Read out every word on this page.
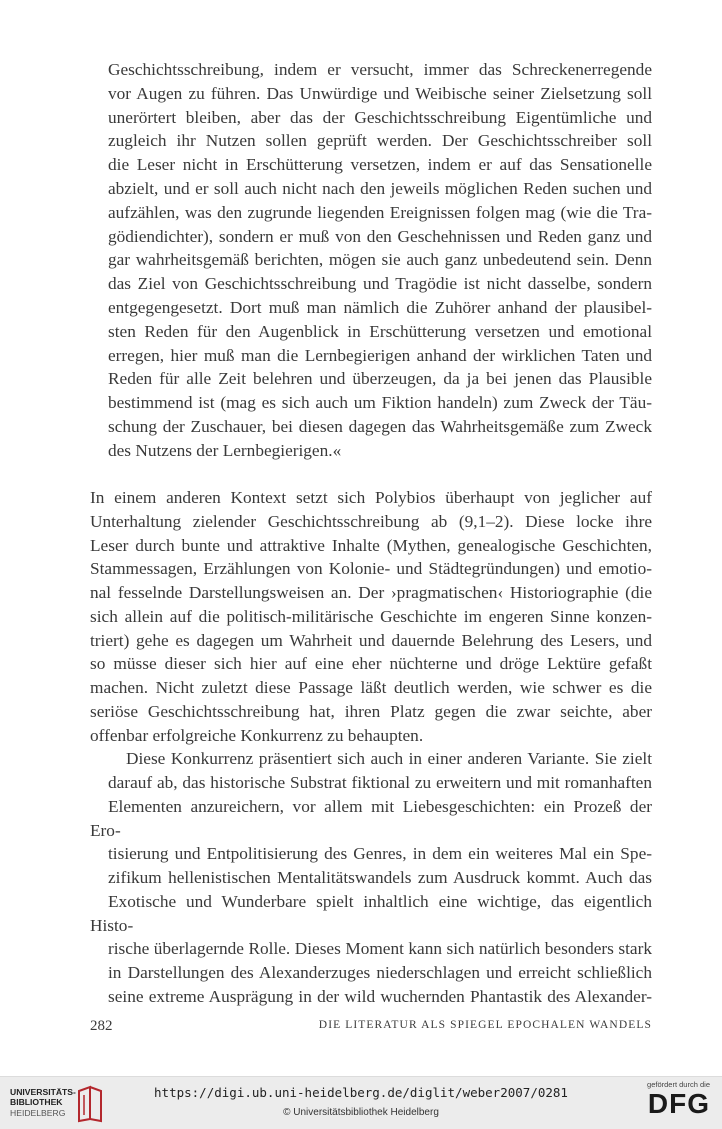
Geschichtsschreibung, indem er versucht, immer das Schreckenerregende
vor Augen zu führen. Das Unwürdige und Weibische seiner Zielsetzung soll
unerörtert bleiben, aber das der Geschichtsschreibung Eigentümliche und
zugleich ihr Nutzen sollen geprüft werden. Der Geschichtsschreiber soll
die Leser nicht in Erschütterung versetzen, indem er auf das Sensationelle
abzielt, und er soll auch nicht nach den jeweils möglichen Reden suchen und
aufzählen, was den zugrunde liegenden Ereignissen folgen mag (wie die Tra-
gödiendichter), sondern er muß von den Geschehnissen und Reden ganz und
gar wahrheitsgemäß berichten, mögen sie auch ganz unbedeutend sein. Denn
das Ziel von Geschichtsschreibung und Tragödie ist nicht dasselbe, sondern
entgegengesetzt. Dort muß man nämlich die Zuhörer anhand der plausibel-
sten Reden für den Augenblick in Erschütterung versetzen und emotional
erregen, hier muß man die Lernbegierigen anhand der wirklichen Taten und
Reden für alle Zeit belehren und überzeugen, da ja bei jenen das Plausible
bestimmend ist (mag es sich auch um Fiktion handeln) zum Zweck der Täu-
schung der Zuschauer, bei diesen dagegen das Wahrheitsgemäße zum Zweck
des Nutzens der Lernbegierigen.«

In einem anderen Kontext setzt sich Polybios überhaupt von jeglicher auf
Unterhaltung zielender Geschichtsschreibung ab (9,1–2). Diese locke ihre
Leser durch bunte und attraktive Inhalte (Mythen, genealogische Geschichten,
Stammessagen, Erzählungen von Kolonie- und Städtegründungen) und emotio-
nal fesselnde Darstellungsweisen an. Der ›pragmatischen‹ Historiographie (die
sich allein auf die politisch-militärische Geschichte im engeren Sinne konzen-
triert) gehe es dagegen um Wahrheit und dauernde Belehrung des Lesers, und
so müsse dieser sich hier auf eine eher nüchterne und dröge Lektüre gefaßt
machen. Nicht zuletzt diese Passage läßt deutlich werden, wie schwer es die
seriöse Geschichtsschreibung hat, ihren Platz gegen die zwar seichte, aber
offenbar erfolgreiche Konkurrenz zu behaupten.

Diese Konkurrenz präsentiert sich auch in einer anderen Variante. Sie zielt
darauf ab, das historische Substrat fiktional zu erweitern und mit romanhaften
Elementen anzureichern, vor allem mit Liebesgeschichten: ein Prozeß der Ero-
tisierung und Entpolitisierung des Genres, in dem ein weiteres Mal ein Spe-
zifikum hellenistischen Mentalitätswandels zum Ausdruck kommt. Auch das
Exotische und Wunderbare spielt inhaltlich eine wichtige, das eigentlich Histo-
rische überlagernde Rolle. Dieses Moment kann sich natürlich besonders stark
in Darstellungen des Alexanderzuges niederschlagen und erreicht schließlich
seine extreme Ausprägung in der wild wuchernden Phantastik des Alexander-

282	DIE LITERATUR ALS SPIEGEL EPOCHALEN WANDELS
UNIVERSITÄTS-
BIBLIOTHEK
HEIDELBERG
https://digi.ub.uni-heidelberg.de/diglit/weber2007/0281
© Universitätsbibliothek Heidelberg
gefördert durch die
DFG
